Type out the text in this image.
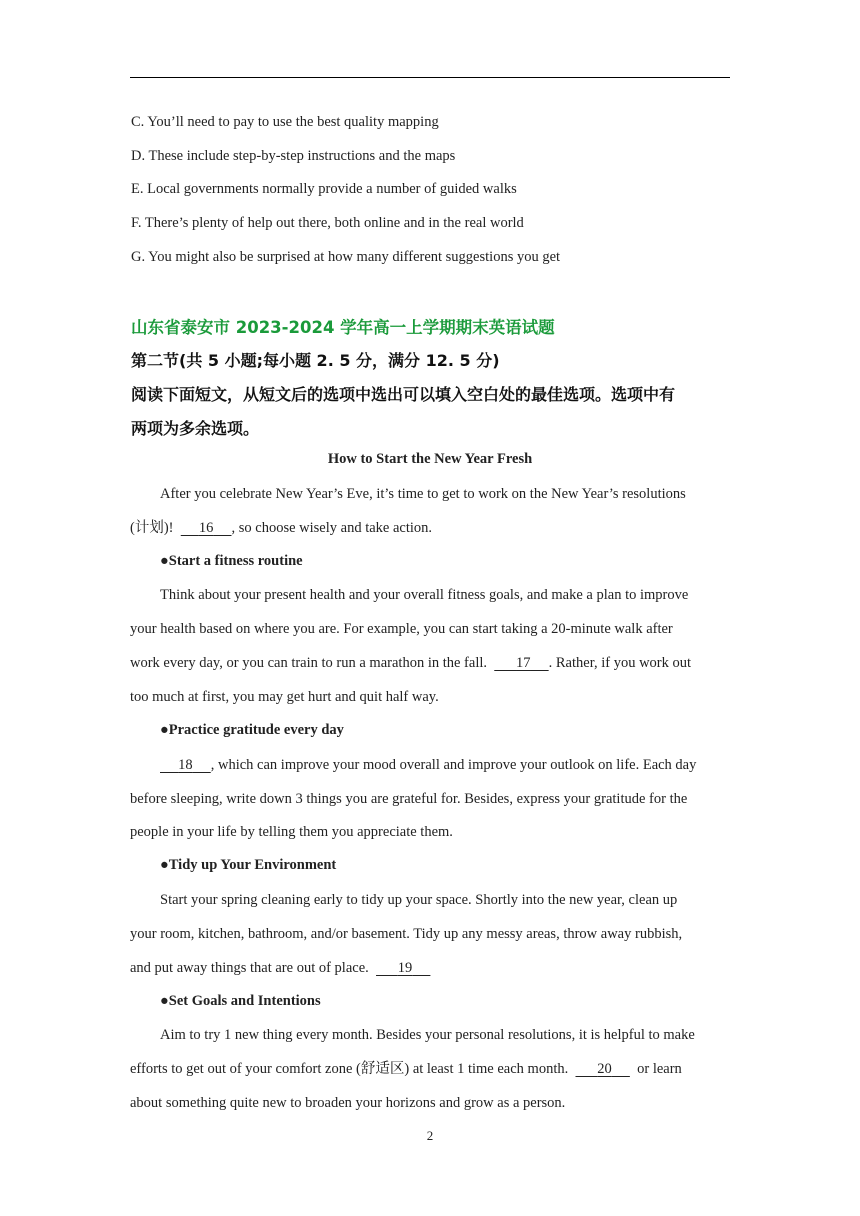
C. You’ll need to pay to use the best quality mapping
D. These include step-by-step instructions and the maps
E. Local governments normally provide a number of guided walks
F. There’s plenty of help out there, both online and in the real world
G. You might also be surprised at how many different suggestions you get
山东省泰安市 2023-2024 学年高一上学期期末英语试题
第二节(共 5 小题;每小题 2. 5 分，满分 12. 5 分)
阅读下面短文，从短文后的选项中选出可以填入空白处的最佳选项。选项中有
两项为多余选项。
How to Start the New Year Fresh
After you celebrate New Year’s Eve, it’s time to get to work on the New Year’s resolutions
(计划)! 16 , so choose wisely and take action.
●Start a fitness routine
Think about your present health and your overall fitness goals, and make a plan to improve
your health based on where you are. For example, you can start taking a 20-minute walk after
work every day, or you can train to run a marathon in the fall. 17 . Rather, if you work out
too much at first, you may get hurt and quit half way.
●Practice gratitude every day
18 , which can improve your mood overall and improve your outlook on life. Each day
before sleeping, write down 3 things you are grateful for. Besides, express your gratitude for the
people in your life by telling them you appreciate them.
●Tidy up Your Environment
Start your spring cleaning early to tidy up your space. Shortly into the new year, clean up
your room, kitchen, bathroom, and/or basement. Tidy up any messy areas, throw away rubbish,
and put away things that are out of place. 19
●Set Goals and Intentions
Aim to try 1 new thing every month. Besides your personal resolutions, it is helpful to make
efforts to get out of your comfort zone (舒适区) at least 1 time each month. 20 or learn
about something quite new to broaden your horizons and grow as a person.
2
